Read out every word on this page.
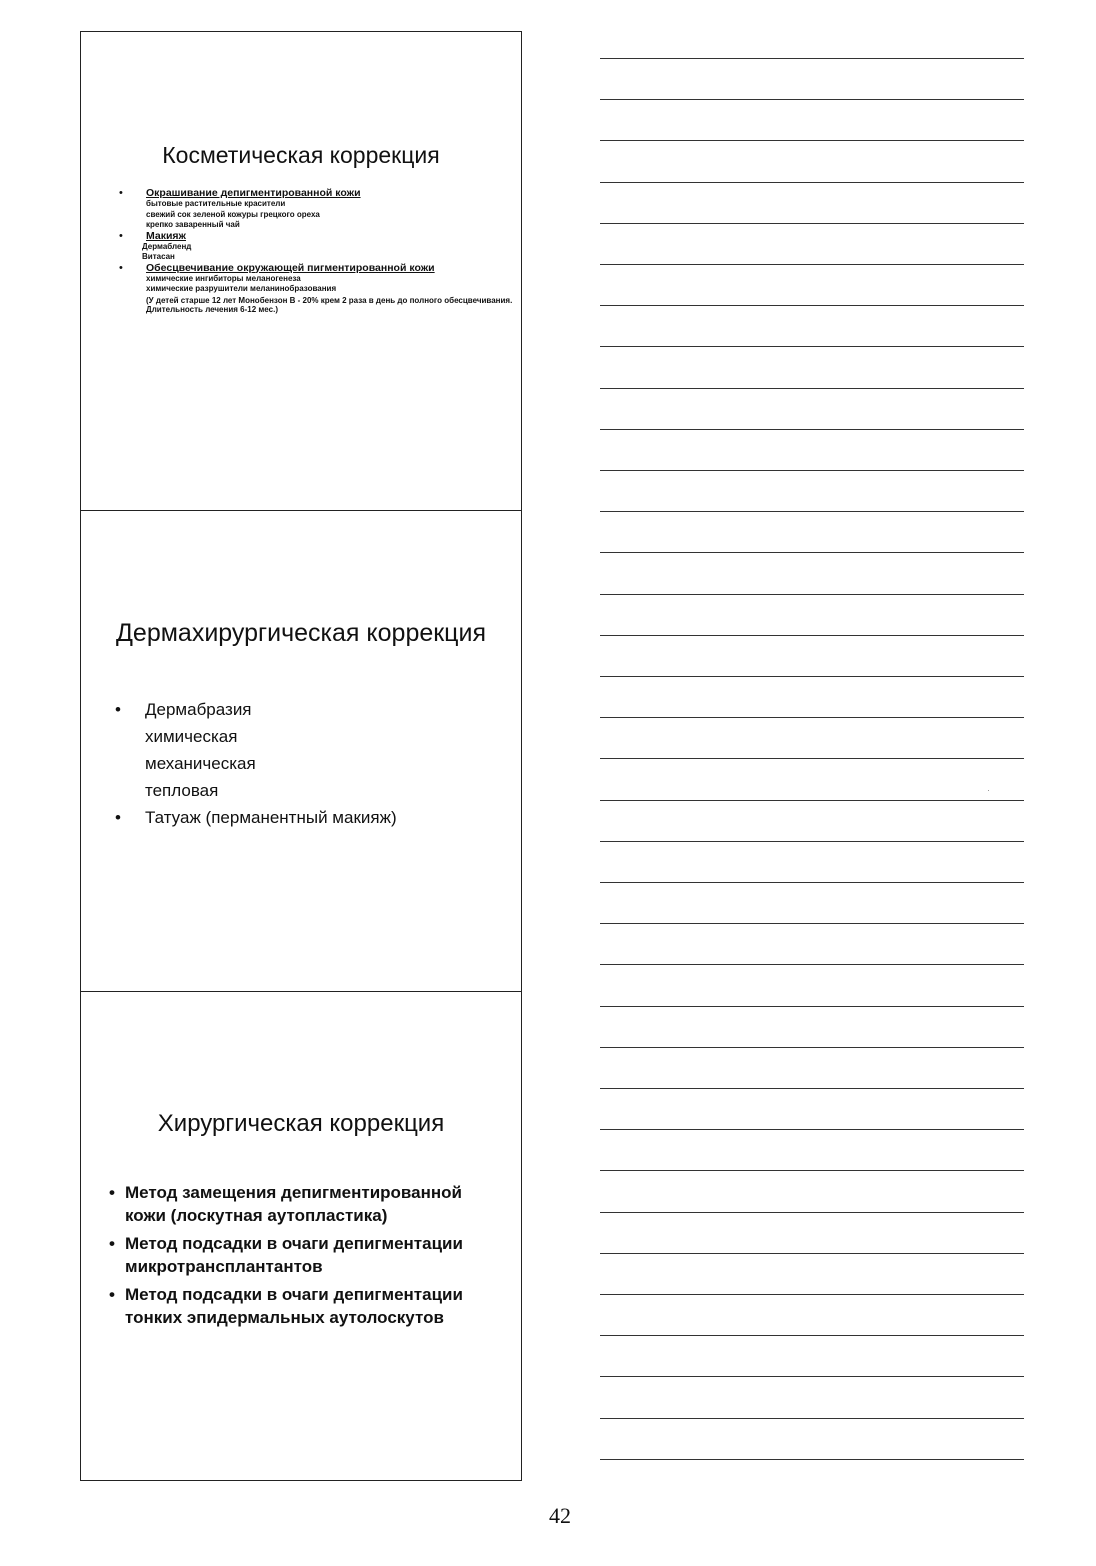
Косметическая коррекция
• Окрашивание депигментированной кожи
бытовые растительные красители
свежий сок зеленой кожуры грецкого ореха
крепко заваренный чай
• Макияж
Дермабленд
Витасан
• Обесцвечивание окружающей пигментированной кожи
химические ингибиторы меланогенеза
химические разрушители меланинобразования
(У детей старше 12 лет Монобензон В - 20% крем 2 раза в день до полного обесцвечивания. Длительность лечения 6-12 мес.)
Дермахирургическая коррекция
• Дермабразия
химическая
механическая
тепловая
• Татуаж (перманентный макияж)
Хирургическая коррекция
• Метод замещения депигментированной кожи (лоскутная аутопластика)
• Метод подсадки в очаги депигментации микротрансплантантов
• Метод подсадки в очаги депигментации тонких эпидермальных аутолоскутов
42
